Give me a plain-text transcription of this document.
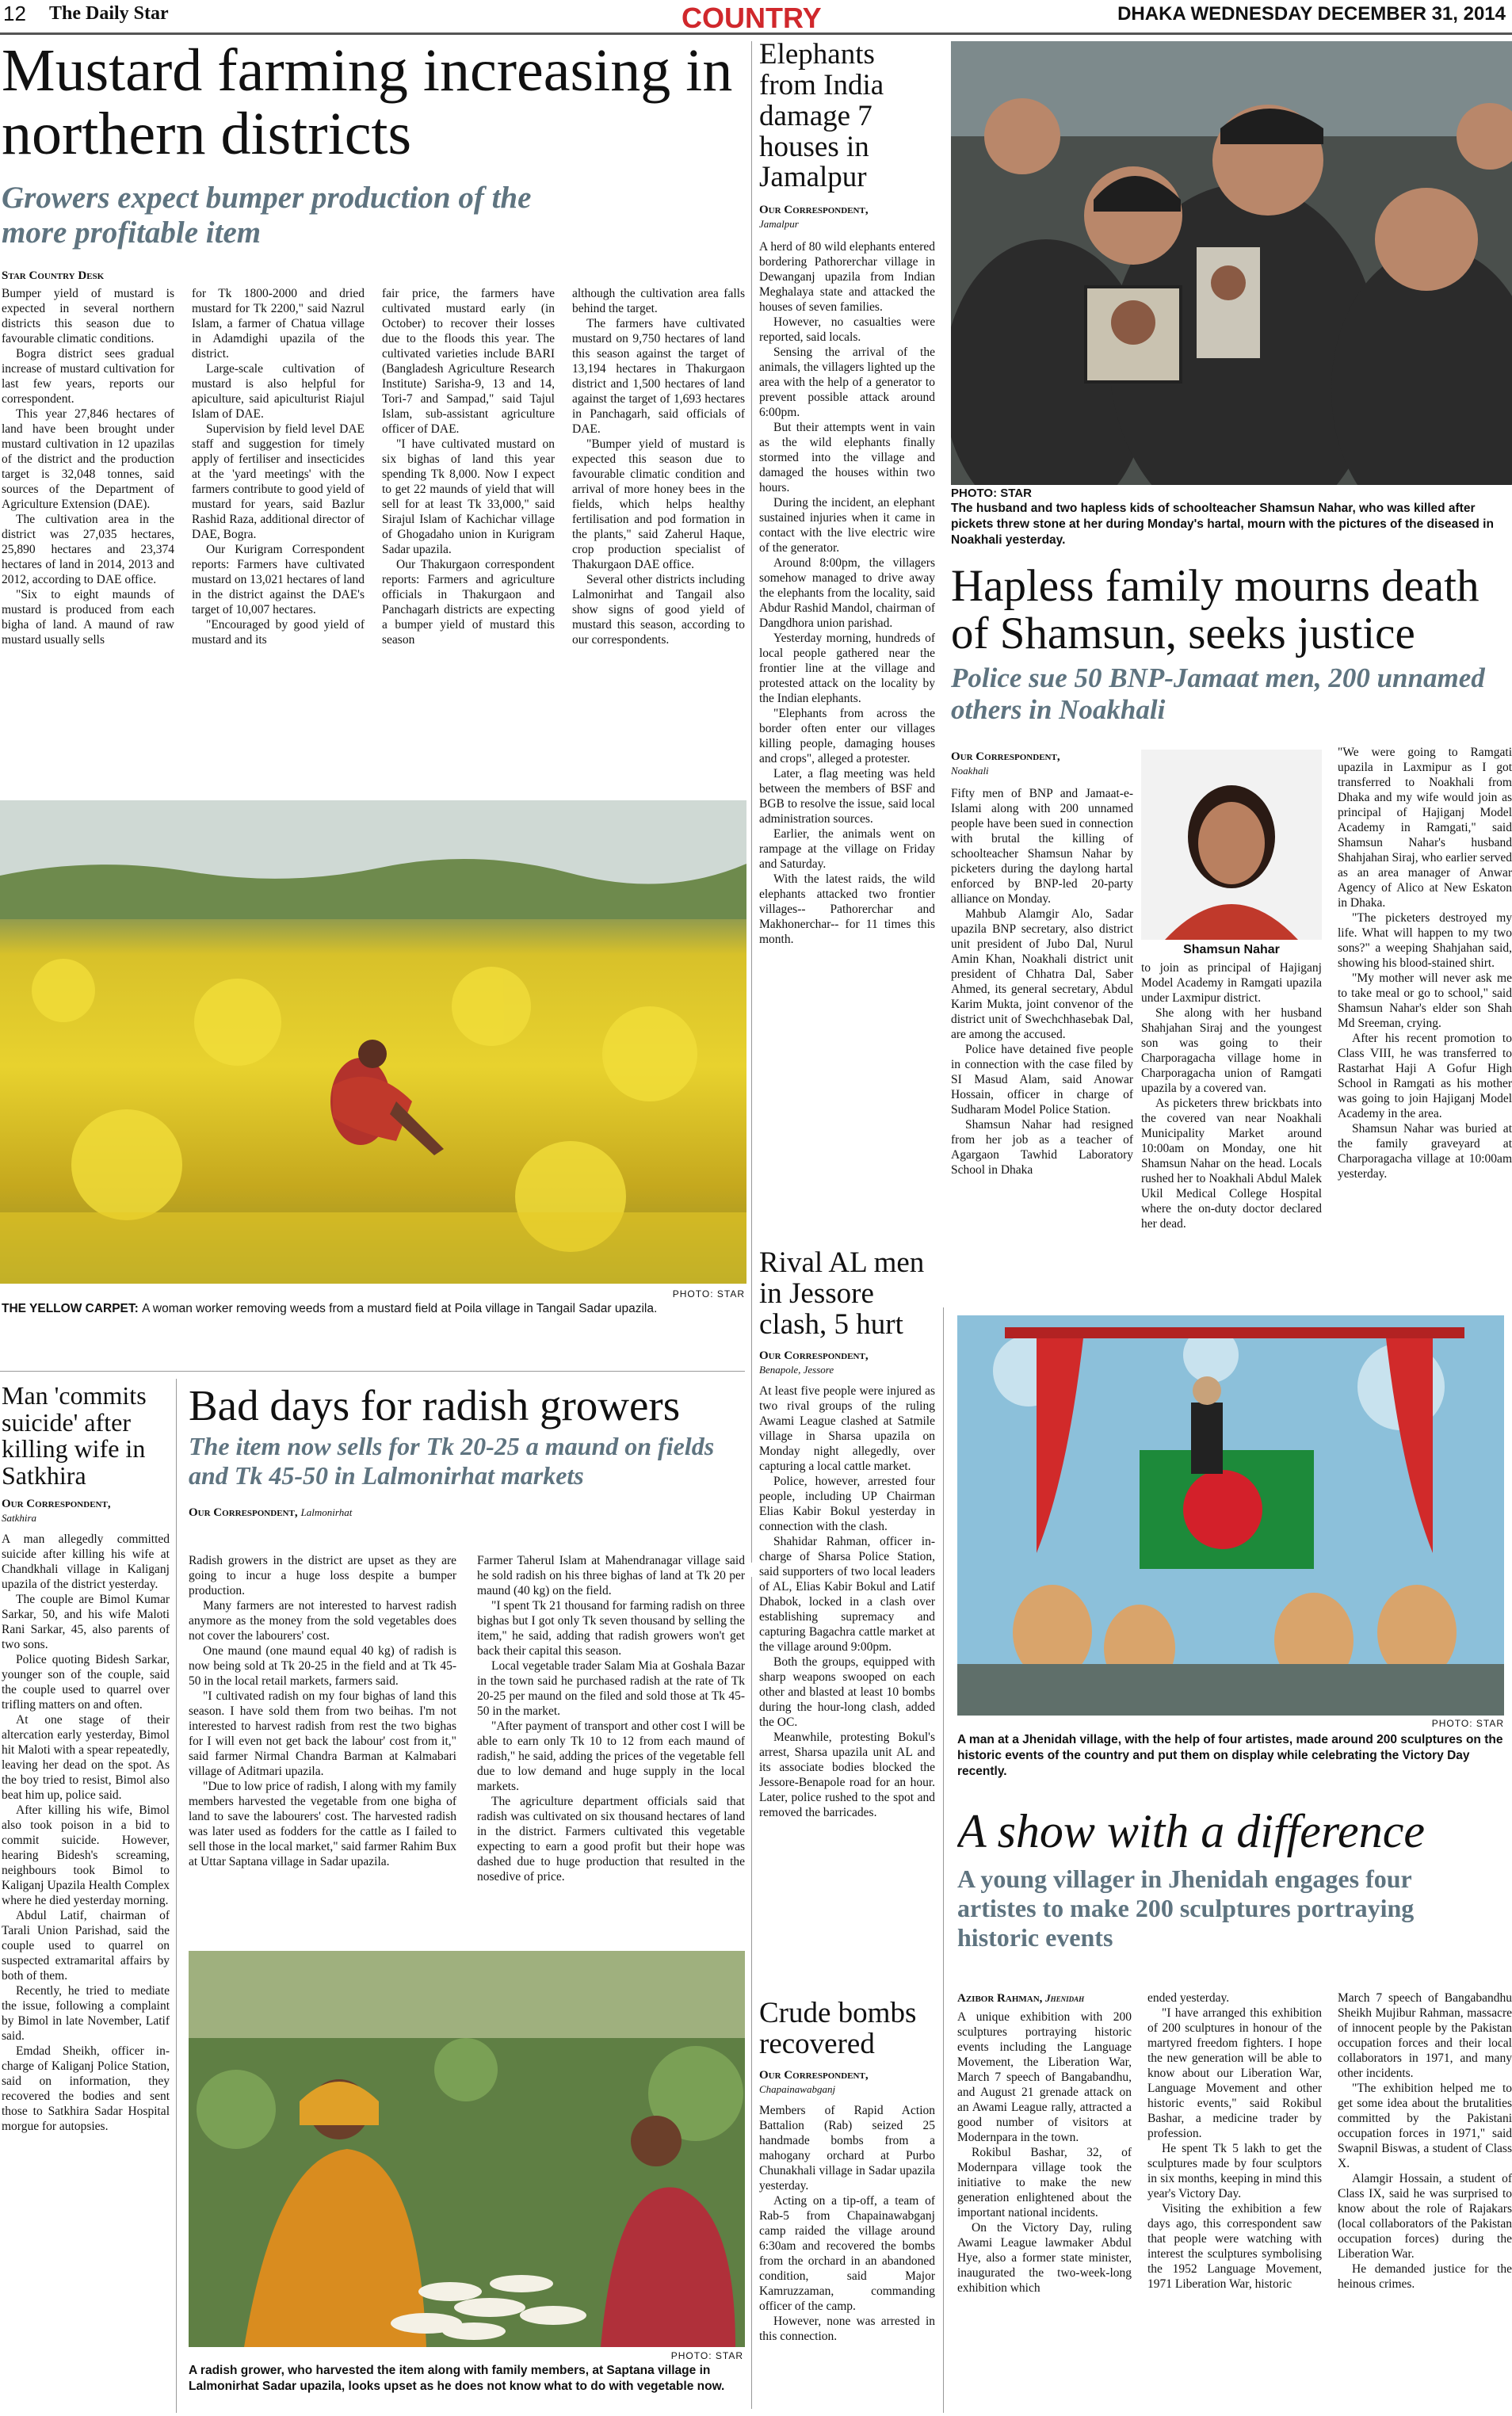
12 The Daily Star	COUNTRY	DHAKA WEDNESDAY DECEMBER 31, 2014
Mustard farming increasing in northern districts
Growers expect bumper production of the more profitable item

Star Country Desk

Bumper yield of mustard is expected in several northern districts this season due to favourable climatic conditions.

Bogra district sees gradual increase of mustard cultivation for last few years, reports our correspondent.

This year 27,846 hectares of land have been brought under mustard cultivation in 12 upazilas of the district and the production target is 32,048 tonnes, said sources of the Department of Agriculture Extension (DAE).

The cultivation area in the district was 27,035 hectares, 25,890 hectares and 23,374 hectares of land in 2014, 2013 and 2012, according to DAE office.

"Six to eight maunds of mustard is produced from each bigha of land. A maund of raw mustard usually sells

for Tk 1800-2000 and dried mustard for Tk 2200," said Nazrul Islam, a farmer of Chatua village in Adamdighi upazila of the district.

Large-scale cultivation of mustard is also helpful for apiculture, said apiculturist Riajul Islam of DAE.

Supervision by field level DAE staff and suggestion for timely apply of fertiliser and insecticides at the 'yard meetings' with the farmers contribute to good yield of mustard for years, said Bazlur Rashid Raza, additional director of DAE, Bogra.

Our Kurigram Correspondent reports: Farmers have cultivated mustard on 13,021 hectares of land in the district against the DAE's target of 10,007 hectares.

"Encouraged by good yield of mustard and its

fair price, the farmers have cultivated mustard early (in October) to recover their losses due to the floods this year. The cultivated varieties include BARI (Bangladesh Agriculture Research Institute) Sarisha-9, 13 and 14, Tori-7 and Sampad," said Tajul Islam, sub-assistant agriculture officer of DAE.

"I have cultivated mustard on six bighas of land this year spending Tk 8,000. Now I expect to get 22 maunds of yield that will sell for at least Tk 33,000," said Sirajul Islam of Kachichar village of Ghogadaho union in Kurigram Sadar upazila.

Our Thakurgaon correspondent reports: Farmers and agriculture officials in Thakurgaon and Panchagarh districts are expecting a bumper yield of mustard this season

although the cultivation area falls behind the target.

The farmers have cultivated mustard on 9,750 hectares of land this season against the target of 13,194 hectares in Thakurgaon district and 1,500 hectares of land against the target of 1,693 hectares in Panchagarh, said officials of DAE.

"Bumper yield of mustard is expected this season due to favourable climatic condition and arrival of more honey bees in the fields, which helps healthy fertilisation and pod formation in the plants," said Zaherul Haque, crop production specialist of Thakurgaon DAE office.

Several other districts including Lalmonirhat and Tangail also show signs of good yield of mustard this season, according to our correspondents.

PHOTO: STAR
THE YELLOW CARPET: A woman worker removing weeds from a mustard field at Poila village in Tangail Sadar upazila.
Elephants from India damage 7 houses in Jamalpur
Our Correspondent,
Jamalpur

A herd of 80 wild elephants entered bordering Pathorerchar village in Dewanganj upazila from Indian Meghalaya state and attacked the houses of seven families.

However, no casualties were reported, said locals.

Sensing the arrival of the animals, the villagers lighted up the area with the help of a generator to prevent possible attack around 6:00pm.

But their attempts went in vain as the wild elephants finally stormed into the village and damaged the houses within two hours.

During the incident, an elephant sustained injuries when it came in contact with the live electric wire of the generator.

Around 8:00pm, the villagers somehow managed to drive away the elephants from the locality, said Abdur Rashid Mandol, chairman of Dangdhora union parishad.

Yesterday morning, hundreds of local people gathered near the frontier line at the village and protested attack on the locality by the Indian elephants.

"Elephants from across the border often enter our villages killing people, damaging houses and crops", alleged a protester.

Later, a flag meeting was held between the members of BSF and BGB to resolve the issue, said local administration sources.

Earlier, the animals went on rampage at the village on Friday and Saturday.

With the latest raids, the wild elephants attacked two frontier villages-- Pathorerchar and Makhonerchar-- for 11 times this month.

PHOTO: STAR
The husband and two hapless kids of schoolteacher Shamsun Nahar, who was killed after pickets threw stone at her during Monday's hartal, mourn with the pictures of the diseased in Noakhali yesterday.
Hapless family mourns death of Shamsun, seeks justice
Police sue 50 BNP-Jamaat men, 200 unnamed others in Noakhali
Our Correspondent,
Noakhali

Fifty men of BNP and Jamaat-e-Islami along with 200 unnamed people have been sued in connection with brutal the killing of schoolteacher Shamsun Nahar by picketers during the daylong hartal enforced by BNP-led 20-party alliance on Monday.

Mahbub Alamgir Alo, Sadar upazila BNP secretary, also district unit president of Jubo Dal, Nurul Amin Khan, Noakhali district unit president of Chhatra Dal, Saber Ahmed, its general secretary, Abdul Karim Mukta, joint convenor of the district unit of Swechchhasebak Dal, are among the accused.

Police have detained five people in connection with the case filed by SI Masud Alam, said Anowar Hossain, officer in charge of Sudharam Model Police Station.

Shamsun Nahar had resigned from her job as a teacher of Agargaon Tawhid Laboratory School in Dhaka

Shamsun Nahar

to join as principal of Hajiganj Model Academy in Ramgati upazila under Laxmipur district.

She along with her husband Shahjahan Siraj and the youngest son was going to their Charporagacha village home in Charporagacha union of Ramgati upazila by a covered van.

As picketers threw brickbats into the covered van near Noakhali Municipality Market around 10:00am on Monday, one hit Shamsun Nahar on the head. Locals rushed her to Noakhali Abdul Malek Ukil Medical College Hospital where the on-duty doctor declared her dead.

"We were going to Ramgati upazila in Laxmipur as I got transferred to Noakhali from Dhaka and my wife would join as principal of Hajiganj Model Academy in Ramgati," said Shamsun Nahar's husband Shahjahan Siraj, who earlier served as an area manager of Anwar Agency of Alico at New Eskaton in Dhaka.

"The picketers destroyed my life. What will happen to my two sons?" a weeping Shahjahan said, showing his blood-stained shirt.

"My mother will never ask me to take meal or go to school," said Shamsun Nahar's elder son Shah Md Sreeman, crying.

After his recent promotion to Class VIII, he was transferred to Rastarhat Haji A Gofur High School in Ramgati as his mother was going to join Hajiganj Model Academy in the area.

Shamsun Nahar was buried at the family graveyard at Charporagacha village at 10:00am yesterday.

Man 'commits suicide' after killing wife in Satkhira
Our Correspondent,
Satkhira

A man allegedly committed suicide after killing his wife at Chandkhali village in Kaliganj upazila of the district yesterday.

The couple are Bimol Kumar Sarkar, 50, and his wife Maloti Rani Sarkar, 45, also parents of two sons.

Police quoting Bidesh Sarkar, younger son of the couple, said the couple used to quarrel over trifling matters on and often.

At one stage of their altercation early yesterday, Bimol hit Maloti with a spear repeatedly, leaving her dead on the spot. As the boy tried to resist, Bimol also beat him up, police said.

After killing his wife, Bimol also took poison in a bid to commit suicide. However, hearing Bidesh's screaming, neighbours took Bimol to Kaliganj Upazila Health Complex where he died yesterday morning.

Abdul Latif, chairman of Tarali Union Parishad, said the couple used to quarrel on suspected extramarital affairs by both of them.

Recently, he tried to mediate the issue, following a complaint by Bimol in late November, Latif said.

Emdad Sheikh, officer in-charge of Kaliganj Police Station, said on information, they recovered the bodies and sent those to Satkhira Sadar Hospital morgue for autopsies.

Bad days for radish growers
The item now sells for Tk 20-25 a maund on fields and Tk 45-50 in Lalmonirhat markets
Our Correspondent, Lalmonirhat

Radish growers in the district are upset as they are going to incur a huge loss despite a bumper production.

Many farmers are not interested to harvest radish anymore as the money from the sold vegetables does not cover the labourers' cost.

One maund (one maund equal 40 kg) of radish is now being sold at Tk 20-25 in the field and at Tk 45-50 in the local retail markets, farmers said.

"I cultivated radish on my four bighas of land this season. I have sold them from two beihas. I'm not interested to harvest radish from rest the two bighas for I will even not get back the labour' cost from it," said farmer Nirmal Chandra Barman at Kalmabari village of Aditmari upazila.

"Due to low price of radish, I along with my family members harvested the vegetable from one bigha of land to save the labourers' cost. The harvested radish was later used as fodders for the cattle as I failed to sell those in the local market," said farmer Rahim Bux at Uttar Saptana village in Sadar upazila.

Farmer Taherul Islam at Mahendranagar village said he sold radish on his three bighas of land at Tk 20 per maund (40 kg) on the field.

"I spent Tk 21 thousand for farming radish on three bighas but I got only Tk seven thousand by selling the item," he said, adding that radish growers won't get back their capital this season.

Local vegetable trader Salam Mia at Goshala Bazar in the town said he purchased radish at the rate of Tk 20-25 per maund on the filed and sold those at Tk 45-50 in the market.

"After payment of transport and other cost I will be able to earn only Tk 10 to 12 from each maund of radish," he said, adding the prices of the vegetable fell due to low demand and huge supply in the local markets.

The agriculture department officials said that radish was cultivated on six thousand hectares of land in the district. Farmers cultivated this vegetable expecting to earn a good profit but their hope was dashed due to huge production that resulted in the nosedive of price.

PHOTO: STAR
A radish grower, who harvested the item along with family members, at Saptana village in Lalmonirhat Sadar upazila, looks upset as he does not know what to do with vegetable now.
Rival AL men in Jessore clash, 5 hurt
Our Correspondent,
Benapole, Jessore

At least five people were injured as two rival groups of the ruling Awami League clashed at Satmile village in Sharsa upazila on Monday night allegedly, over capturing a local cattle market.

Police, however, arrested four people, including UP Chairman Elias Kabir Bokul yesterday in connection with the clash.

Shahidar Rahman, officer in-charge of Sharsa Police Station, said supporters of two local leaders of AL, Elias Kabir Bokul and Latif Dhabok, locked in a clash over establishing supremacy and capturing Bagachra cattle market at the village around 9:00pm.

Both the groups, equipped with sharp weapons swooped on each other and blasted at least 10 bombs during the hour-long clash, added the OC.

Meanwhile, protesting Bokul's arrest, Sharsa upazila unit AL and its associate bodies blocked the Jessore-Benapole road for an hour. Later, police rushed to the spot and removed the barricades.

Crude bombs recovered
Our Correspondent,
Chapainawabganj

Members of Rapid Action Battalion (Rab) seized 25 handmade bombs from a mahogany orchard at Purbo Chunakhali village in Sadar upazila yesterday.

Acting on a tip-off, a team of Rab-5 from Chapainawabganj camp raided the village around 6:30am and recovered the bombs from the orchard in an abandoned condition, said Major Kamruzzaman, commanding officer of the camp.

However, none was arrested in this connection.

PHOTO: STAR
A man at a Jhenidah village, with the help of four artistes, made around 200 sculptures on the historic events of the country and put them on display while celebrating the Victory Day recently.
A show with a difference
A young villager in Jhenidah engages four artistes to make 200 sculptures portraying historic events

Azibor Rahman, Jhenidah

A unique exhibition with 200 sculptures portraying historic events including the Language Movement, the Liberation War, March 7 speech of Bangabandhu, and August 21 grenade attack on an Awami League rally, attracted a good number of visitors at Modernpara in the town.

Rokibul Bashar, 32, of Modernpara village took the initiative to make the new generation enlightened about the important national incidents.

On the Victory Day, ruling Awami League lawmaker Abdul Hye, also a former state minister, inaugurated the two-week-long exhibition which

ended yesterday.

"I have arranged this exhibition of 200 sculptures in honour of the martyred freedom fighters. I hope the new generation will be able to know about our Liberation War, Language Movement and other historic events," said Rokibul Bashar, a medicine trader by profession.

He spent Tk 5 lakh to get the sculptures made by four sculptors in six months, keeping in mind this year's Victory Day.

Visiting the exhibition a few days ago, this correspondent saw that people were watching with interest the sculptures symbolising the 1952 Language Movement, 1971 Liberation War, historic

March 7 speech of Bangabandhu Sheikh Mujibur Rahman, massacre of innocent people by the Pakistan occupation forces and their local collaborators in 1971, and many other incidents.

"The exhibition helped me to get some idea about the brutalities committed by the Pakistani occupation forces in 1971," said Swapnil Biswas, a student of Class X.

Alamgir Hossain, a student of Class IX, said he was surprised to know about the role of Rajakars (local collaborators of the Pakistan occupation forces) during the Liberation War.

He demanded justice for the heinous crimes.
